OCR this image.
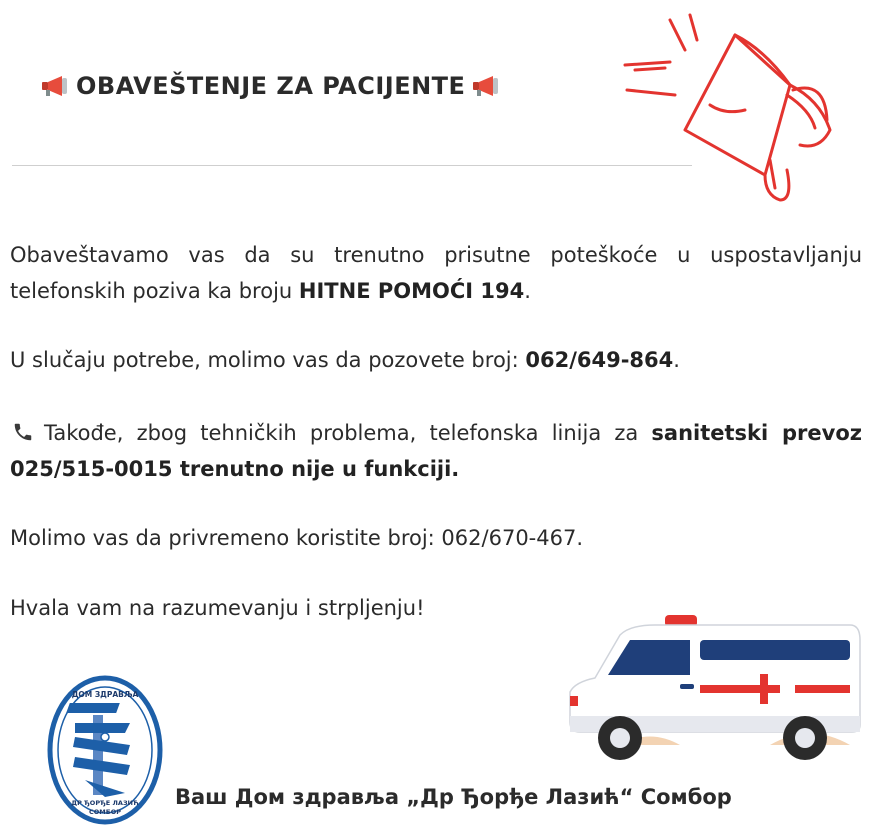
OBAVEŠTENJE ZA PACIJENTE
Obaveštavamo vas da su trenutno prisutne poteškoće u uspostavljanju telefonskih poziva ka broju HITNE POMOĆI 194.
U slučaju potrebe, molimo vas da pozovete broj: 062/649-864.
Takođe, zbog tehničkih problema, telefonska linija za sanitetski prevoz 025/515-0015 trenutno nije u funkciji.
Molimo vas da privremeno koristite broj: 062/670-467.
Hvala vam na razumevanju i strpljenju!
ДОМ ЗДРАВЉА
ДР ЂОРЂЕ ЛАЗИЋ
СОМБОР
Ваш Дом здравља „Др Ђорђе Лазић“ Сомбор
